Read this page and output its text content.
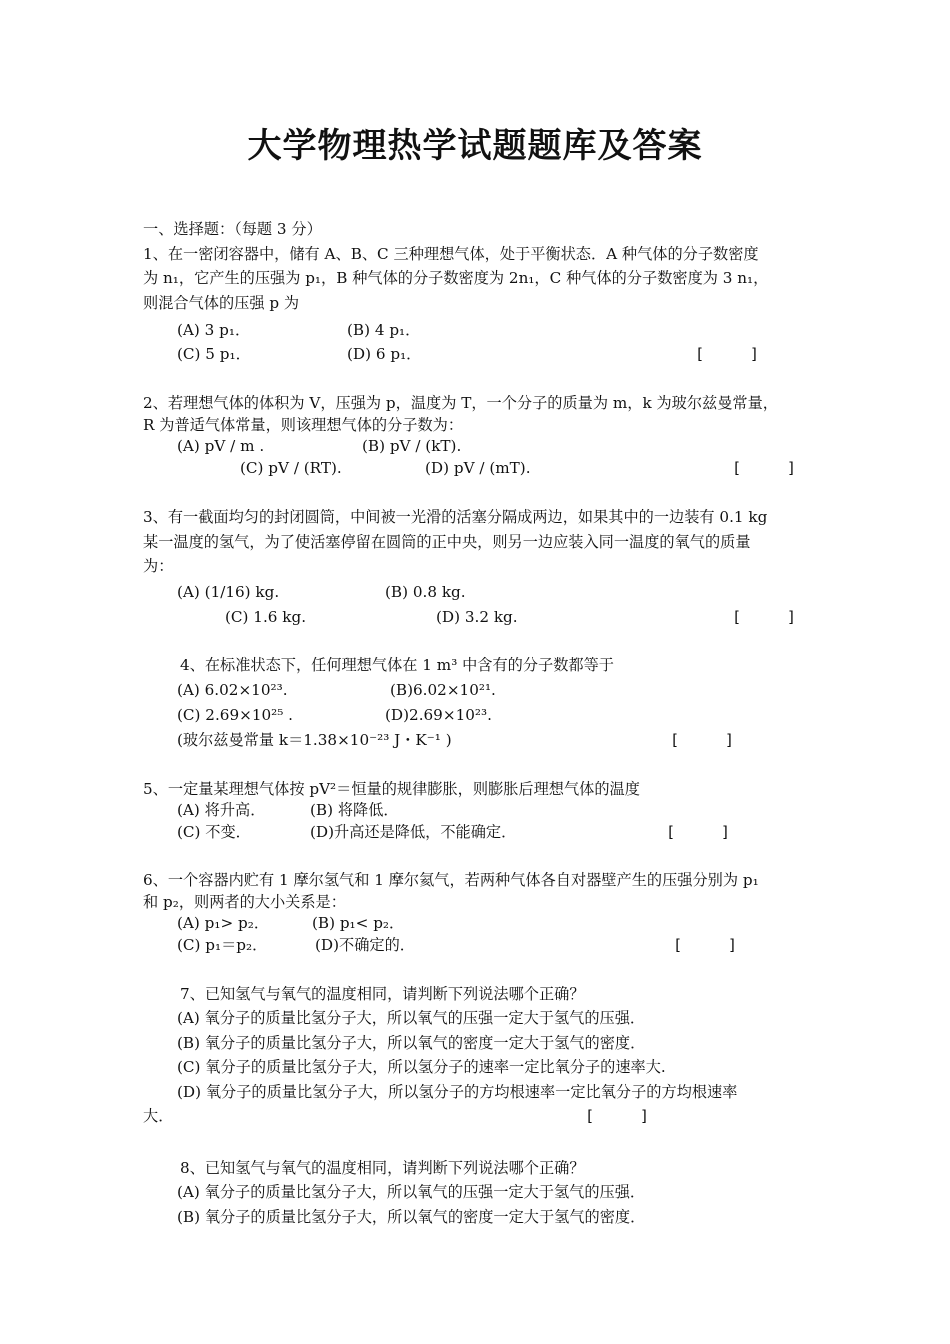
大学物理热学试题题库及答案
一、选择题：（每题 3 分）
1、在一密闭容器中，储有 A、B、C 三种理想气体，处于平衡状态．A 种气体的分子数密度
为 n₁，它产生的压强为 p₁，B 种气体的分子数密度为 2n₁，C 种气体的分子数密度为 3 n₁，
则混合气体的压强 p 为
(A) 3 p₁．	(B) 4 p₁．
(C) 5 p₁．	(D) 6 p₁．	[     ]
2、若理想气体的体积为 V，压强为 p，温度为 T，一个分子的质量为 m，k 为玻尔兹曼常量，
R 为普适气体常量，则该理想气体的分子数为：
(A) pV / m .	(B) pV / (kT).
(C) pV / (RT).	(D) pV / (mT).	[     ]
3、有一截面均匀的封闭圆筒，中间被一光滑的活塞分隔成两边，如果其中的一边装有 0.1 kg
某一温度的氢气，为了使活塞停留在圆筒的正中央，则另一边应装入同一温度的氧气的质量
为：
(A) (1/16) kg.	(B) 0.8 kg.
(C) 1.6 kg.	(D) 3.2 kg.	[     ]
4、在标准状态下，任何理想气体在 1 m³ 中含有的分子数都等于
(A) 6.02×10²³.	(B)6.02×10²¹.
(C) 2.69×10²⁵ .	(D)2.69×10²³.
(玻尔兹曼常量 k＝1.38×10⁻²³ J・K⁻¹ )	[     ]
5、一定量某理想气体按 pV²＝恒量的规律膨胀，则膨胀后理想气体的温度
(A) 将升高．	(B) 将降低．
(C) 不变．	(D)升高还是降低，不能确定．	[     ]
6、一个容器内贮有 1 摩尔氢气和 1 摩尔氦气，若两种气体各自对器壁产生的压强分别为 p₁
和 p₂，则两者的大小关系是：
(A) p₁> p₂．	(B) p₁< p₂．
(C) p₁＝p₂．	(D)不确定的．	[     ]
7、已知氢气与氧气的温度相同，请判断下列说法哪个正确？
(A) 氧分子的质量比氢分子大，所以氧气的压强一定大于氢气的压强．
(B) 氧分子的质量比氢分子大，所以氧气的密度一定大于氢气的密度．
(C) 氧分子的质量比氢分子大，所以氢分子的速率一定比氧分子的速率大.
(D) 氧分子的质量比氢分子大，所以氢分子的方均根速率一定比氧分子的方均根速率
大．	[     ]
8、已知氢气与氧气的温度相同，请判断下列说法哪个正确？
(A) 氧分子的质量比氢分子大，所以氧气的压强一定大于氢气的压强．
(B) 氧分子的质量比氢分子大，所以氧气的密度一定大于氢气的密度．
